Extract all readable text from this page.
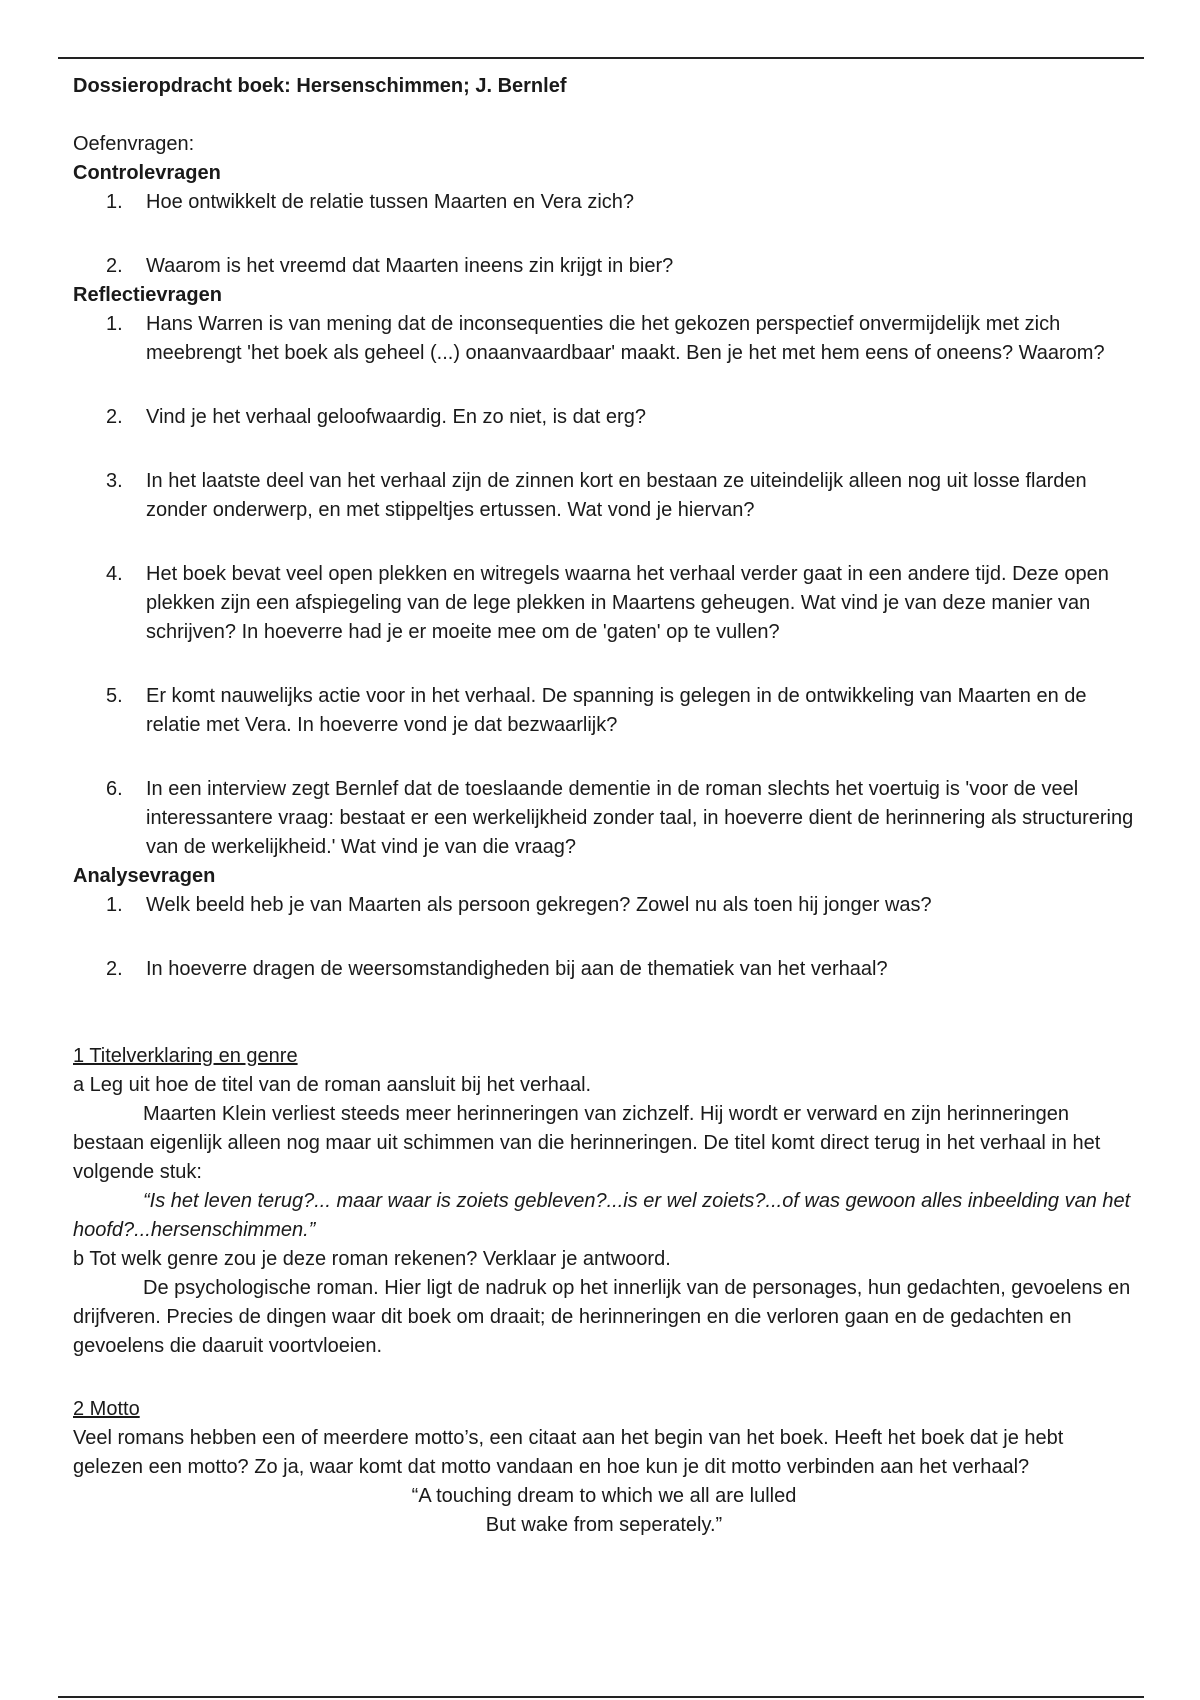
Dossieropdracht boek: Hersenschimmen; J. Bernlef

Oefenvragen:

Controlevragen

1. Hoe ontwikkelt de relatie tussen Maarten en Vera zich?
2. Waarom is het vreemd dat Maarten ineens zin krijgt in bier?

Reflectievragen

1. Hans Warren is van mening dat de inconsequenties die het gekozen perspectief onvermijdelijk met zich meebrengt 'het boek als geheel (...) onaanvaardbaar' maakt. Ben je het met hem eens of oneens? Waarom?
2. Vind je het verhaal geloofwaardig. En zo niet, is dat erg?
3. In het laatste deel van het verhaal zijn de zinnen kort en bestaan ze uiteindelijk alleen nog uit losse flarden zonder onderwerp, en met stippeltjes ertussen. Wat vond je hiervan?
4. Het boek bevat veel open plekken en witregels waarna het verhaal verder gaat in een andere tijd. Deze open plekken zijn een afspiegeling van de lege plekken in Maartens geheugen. Wat vind je van deze manier van schrijven? In hoeverre had je er moeite mee om de 'gaten' op te vullen?
5. Er komt nauwelijks actie voor in het verhaal. De spanning is gelegen in de ontwikkeling van Maarten en de relatie met Vera. In hoeverre vond je dat bezwaarlijk?
6. In een interview zegt Bernlef dat de toeslaande dementie in de roman slechts het voertuig is 'voor de veel interessantere vraag: bestaat er een werkelijkheid zonder taal, in hoeverre dient de herinnering als structurering van de werkelijkheid.' Wat vind je van die vraag?

Analysevragen

1. Welk beeld heb je van Maarten als persoon gekregen? Zowel nu als toen hij jonger was?
2. In hoeverre dragen de weersomstandigheden bij aan de thematiek van het verhaal?

1 Titelverklaring en genre

a Leg uit hoe de titel van de roman aansluit bij het verhaal.

Maarten Klein verliest steeds meer herinneringen van zichzelf. Hij wordt er verward en zijn herinneringen bestaan eigenlijk alleen nog maar uit schimmen van die herinneringen. De titel komt direct terug in het verhaal in het volgende stuk:

“Is het leven terug?... maar waar is zoiets gebleven?...is er wel zoiets?...of was gewoon alles inbeelding van het hoofd?...hersenschimmen.”

b Tot welk genre zou je deze roman rekenen? Verklaar je antwoord.

De psychologische roman. Hier ligt de nadruk op het innerlijk van de personages, hun gedachten, gevoelens en drijfveren. Precies de dingen waar dit boek om draait; de herinneringen en die verloren gaan en de gedachten en gevoelens die daaruit voortvloeien.

2 Motto

Veel romans hebben een of meerdere motto’s, een citaat aan het begin van het boek. Heeft het boek dat je hebt gelezen een motto? Zo ja, waar komt dat motto vandaan en hoe kun je dit motto verbinden aan het verhaal?

“A touching dream to which we all are lulled

But wake from seperately.”
